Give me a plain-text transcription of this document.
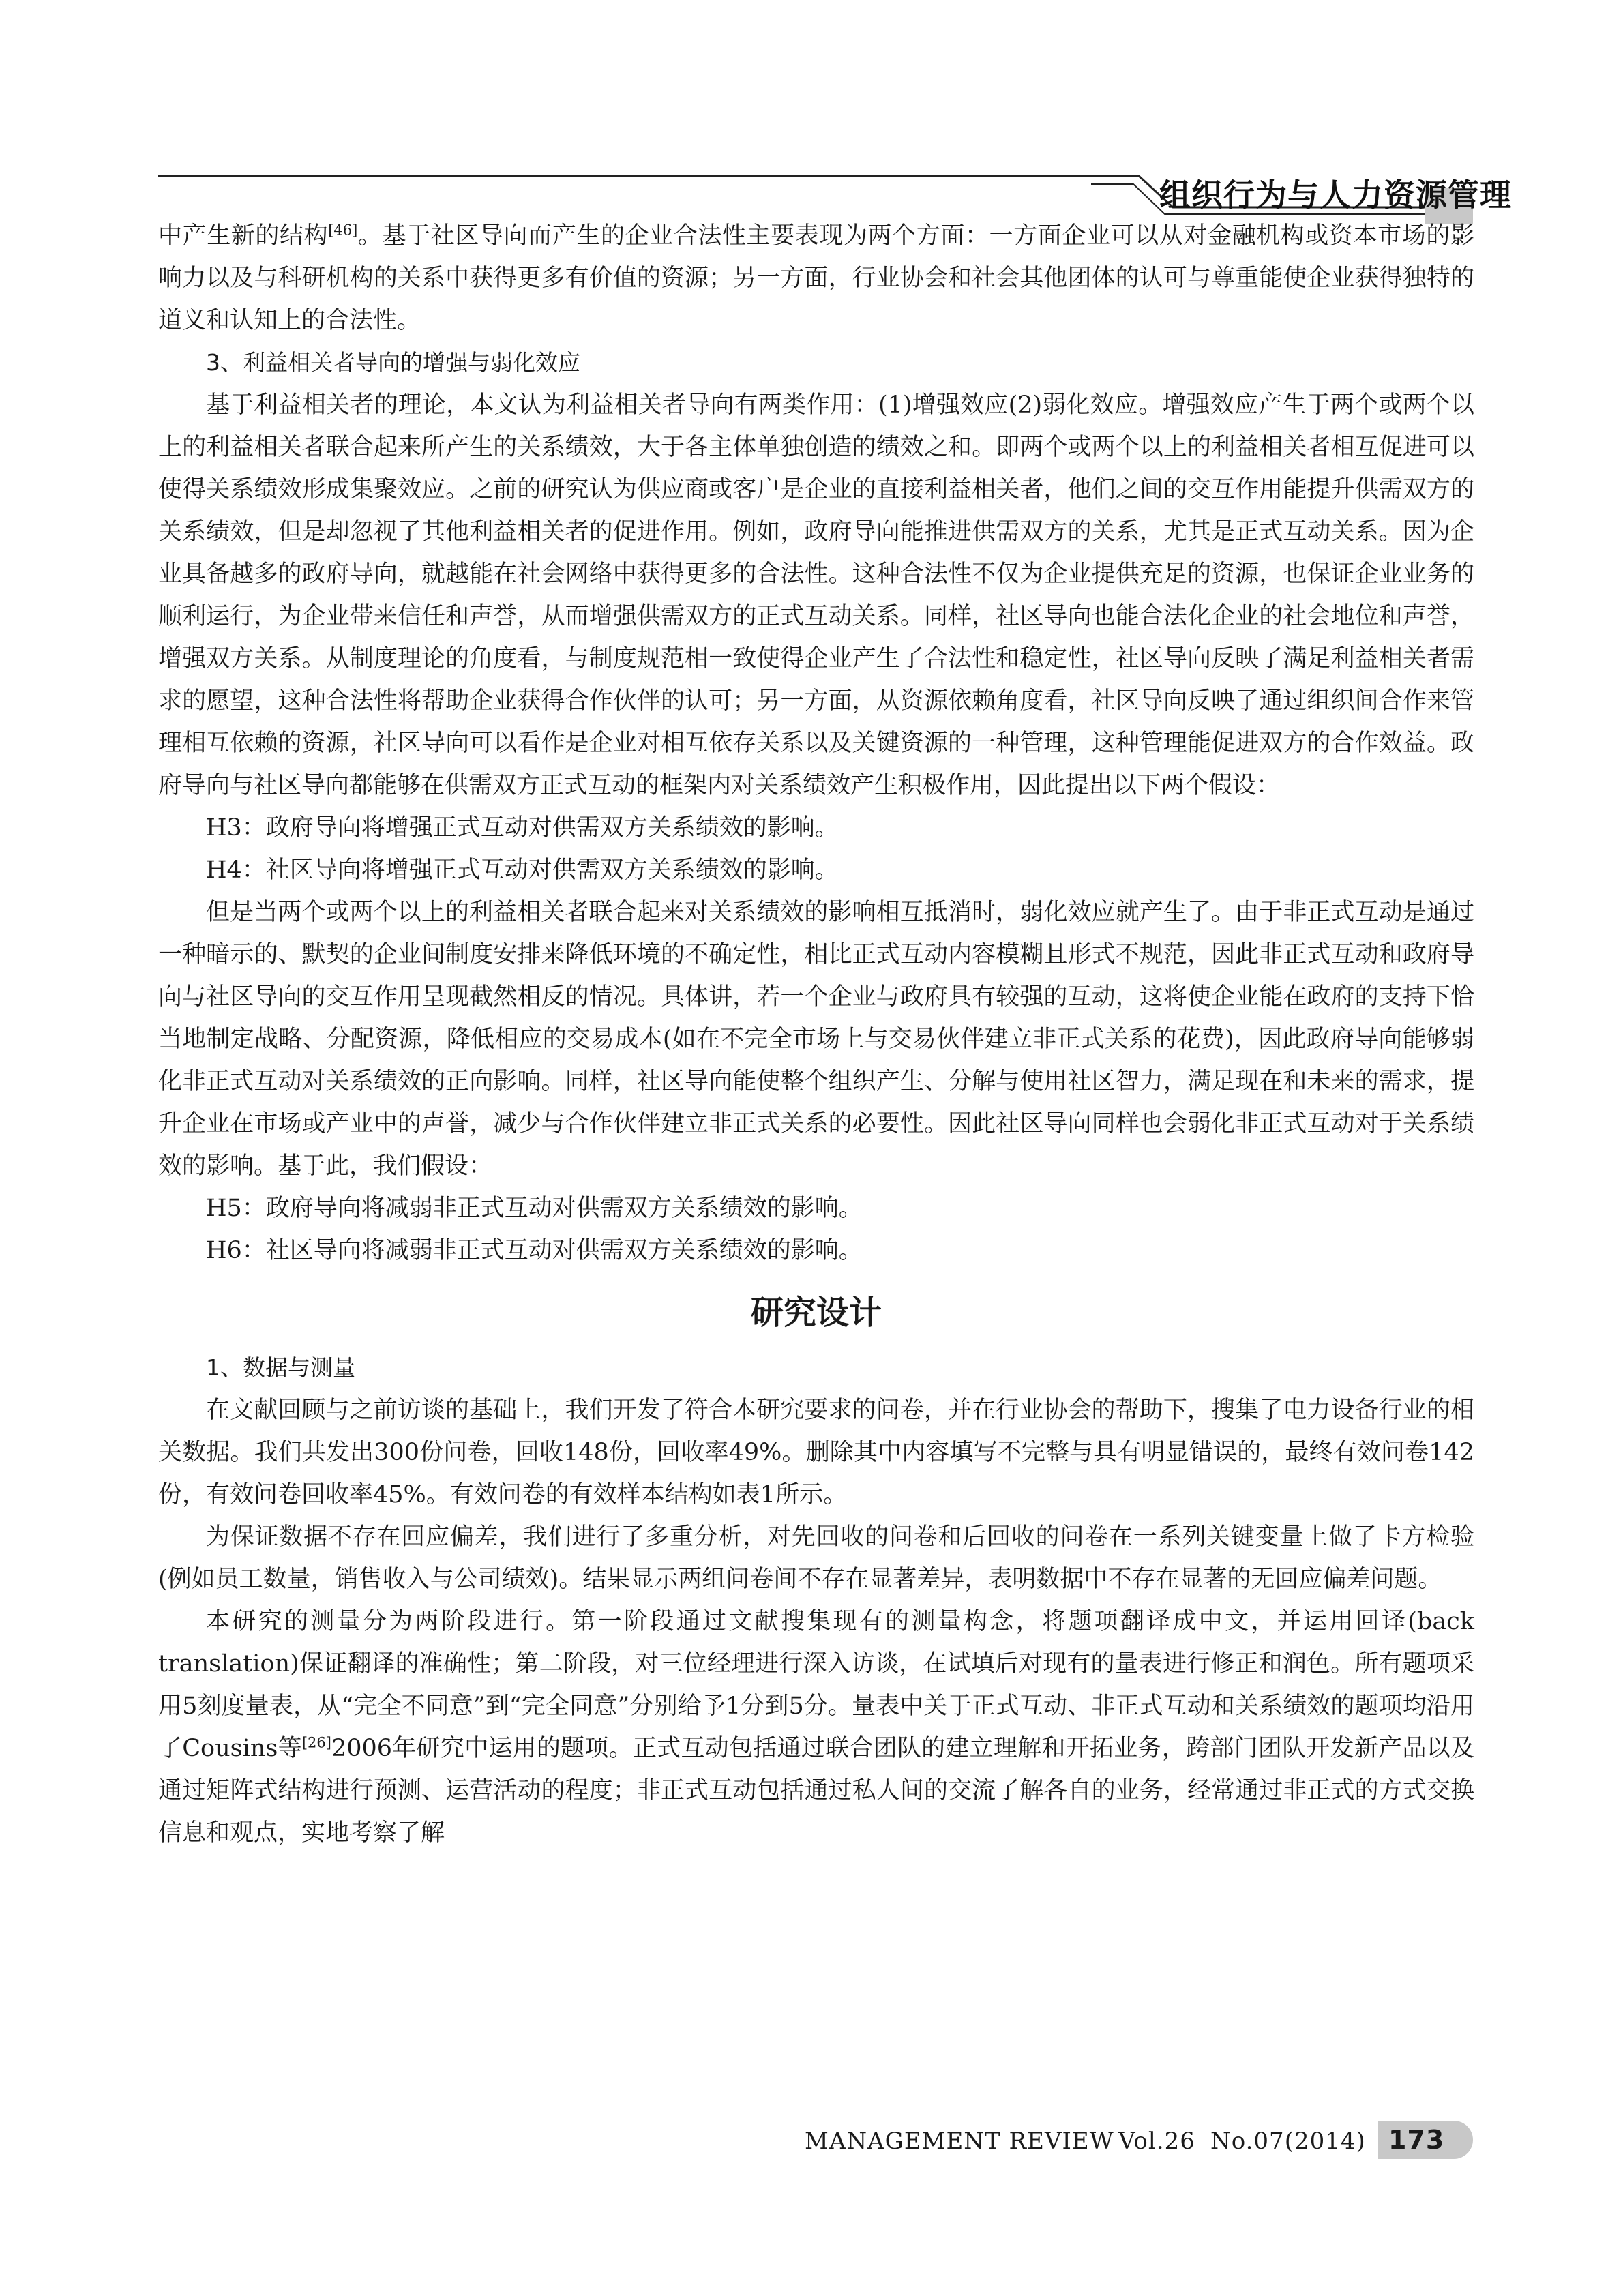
组织行为与人力资源管理

中产生新的结构[46]。基于社区导向而产生的企业合法性主要表现为两个方面：一方面企业可以从对金融机构或资本市场的影响力以及与科研机构的关系中获得更多有价值的资源；另一方面，行业协会和社会其他团体的认可与尊重能使企业获得独特的道义和认知上的合法性。

3、利益相关者导向的增强与弱化效应

基于利益相关者的理论，本文认为利益相关者导向有两类作用：(1)增强效应(2)弱化效应。增强效应产生于两个或两个以上的利益相关者联合起来所产生的关系绩效，大于各主体单独创造的绩效之和。即两个或两个以上的利益相关者相互促进可以使得关系绩效形成集聚效应。之前的研究认为供应商或客户是企业的直接利益相关者，他们之间的交互作用能提升供需双方的关系绩效，但是却忽视了其他利益相关者的促进作用。例如，政府导向能推进供需双方的关系，尤其是正式互动关系。因为企业具备越多的政府导向，就越能在社会网络中获得更多的合法性。这种合法性不仅为企业提供充足的资源，也保证企业业务的顺利运行，为企业带来信任和声誉，从而增强供需双方的正式互动关系。同样，社区导向也能合法化企业的社会地位和声誉，增强双方关系。从制度理论的角度看，与制度规范相一致使得企业产生了合法性和稳定性，社区导向反映了满足利益相关者需求的愿望，这种合法性将帮助企业获得合作伙伴的认可；另一方面，从资源依赖角度看，社区导向反映了通过组织间合作来管理相互依赖的资源，社区导向可以看作是企业对相互依存关系以及关键资源的一种管理，这种管理能促进双方的合作效益。政府导向与社区导向都能够在供需双方正式互动的框架内对关系绩效产生积极作用，因此提出以下两个假设：

H3：政府导向将增强正式互动对供需双方关系绩效的影响。

H4：社区导向将增强正式互动对供需双方关系绩效的影响。

但是当两个或两个以上的利益相关者联合起来对关系绩效的影响相互抵消时，弱化效应就产生了。由于非正式互动是通过一种暗示的、默契的企业间制度安排来降低环境的不确定性，相比正式互动内容模糊且形式不规范，因此非正式互动和政府导向与社区导向的交互作用呈现截然相反的情况。具体讲，若一个企业与政府具有较强的互动，这将使企业能在政府的支持下恰当地制定战略、分配资源，降低相应的交易成本(如在不完全市场上与交易伙伴建立非正式关系的花费)，因此政府导向能够弱化非正式互动对关系绩效的正向影响。同样，社区导向能使整个组织产生、分解与使用社区智力，满足现在和未来的需求，提升企业在市场或产业中的声誉，减少与合作伙伴建立非正式关系的必要性。因此社区导向同样也会弱化非正式互动对于关系绩效的影响。基于此，我们假设：

H5：政府导向将减弱非正式互动对供需双方关系绩效的影响。

H6：社区导向将减弱非正式互动对供需双方关系绩效的影响。

研究设计

1、数据与测量

在文献回顾与之前访谈的基础上，我们开发了符合本研究要求的问卷，并在行业协会的帮助下，搜集了电力设备行业的相关数据。我们共发出300份问卷，回收148份，回收率49%。删除其中内容填写不完整与具有明显错误的，最终有效问卷142份，有效问卷回收率45%。有效问卷的有效样本结构如表1所示。

为保证数据不存在回应偏差，我们进行了多重分析，对先回收的问卷和后回收的问卷在一系列关键变量上做了卡方检验(例如员工数量，销售收入与公司绩效)。结果显示两组问卷间不存在显著差异，表明数据中不存在显著的无回应偏差问题。

本研究的测量分为两阶段进行。第一阶段通过文献搜集现有的测量构念，将题项翻译成中文，并运用回译(back translation)保证翻译的准确性；第二阶段，对三位经理进行深入访谈，在试填后对现有的量表进行修正和润色。所有题项采用5刻度量表，从“完全不同意”到“完全同意”分别给予1分到5分。量表中关于正式互动、非正式互动和关系绩效的题项均沿用了Cousins等[26]2006年研究中运用的题项。正式互动包括通过联合团队的建立理解和开拓业务，跨部门团队开发新产品以及通过矩阵式结构进行预测、运营活动的程度；非正式互动包括通过私人间的交流了解各自的业务，经常通过非正式的方式交换信息和观点，实地考察了解

MANAGEMENT REVIEW Vol.26 No.07(2014) 173
